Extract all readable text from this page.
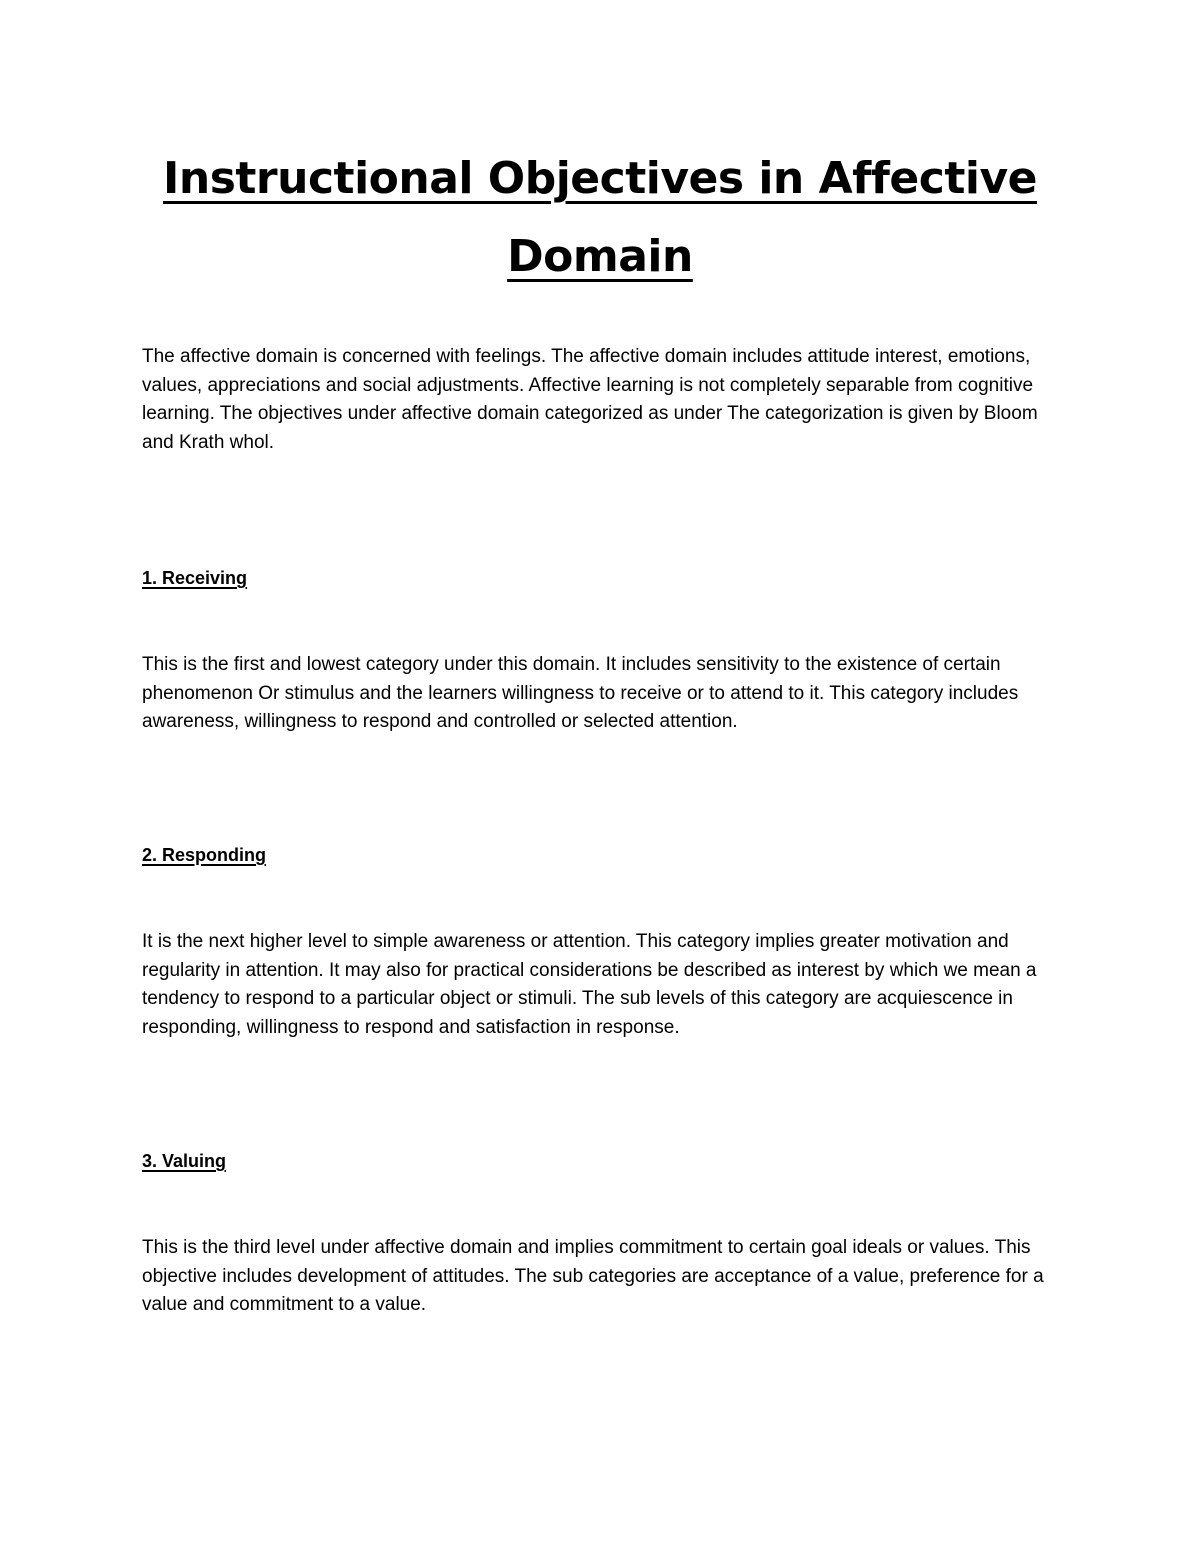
Instructional Objectives in Affective Domain

The affective domain is concerned with feelings. The affective domain includes attitude interest, emotions, values, appreciations and social adjustments. Affective learning is not completely separable from cognitive learning. The objectives under affective domain categorized as under The categorization is given by Bloom and Krath whol.

1. Receiving

This is the first and lowest category under this domain. It includes sensitivity to the existence of certain phenomenon Or stimulus and the learners willingness to receive or to attend to it. This category includes awareness, willingness to respond and controlled or selected attention.

2. Responding

It is the next higher level to simple awareness or attention. This category implies greater motivation and regularity in attention. It may also for practical considerations be described as interest by which we mean a tendency to respond to a particular object or stimuli. The sub levels of this category are acquiescence in responding, willingness to respond and satisfaction in response.

3. Valuing

This is the third level under affective domain and implies commitment to certain goal ideals or values. This objective includes development of attitudes. The sub categories are acceptance of a value, preference for a value and commitment to a value.
